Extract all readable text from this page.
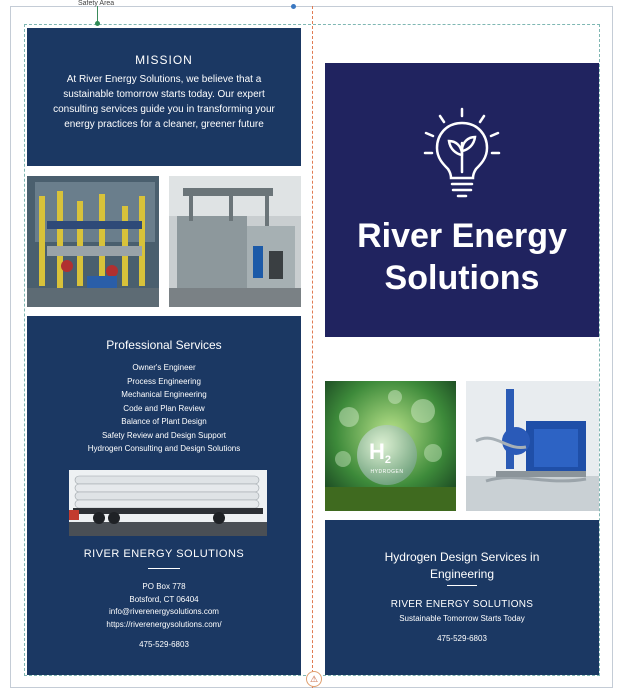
Safety Area
MISSION
At River Energy Solutions, we believe that a sustainable tomorrow starts today. Our expert consulting services guide you in transforming your energy practices for a cleaner, greener future
Professional Services
Owner's Engineer
Process Engineering
Mechanical Engineering
Code and Plan Review
Balance of Plant Design
Safety Review and Design Support
Hydrogen Consulting and Design Solutions
RIVER ENERGY SOLUTIONS
PO Box 778
Botsford, CT 06404
info@riverenergysolutions.com
https://riverenergysolutions.com/
475-529-6803
River Energy
Solutions
H2
HYDROGEN
Hydrogen Design Services in
Engineering
RIVER ENERGY SOLUTIONS
Sustainable Tomorrow Starts Today
475-529-6803
⚠
